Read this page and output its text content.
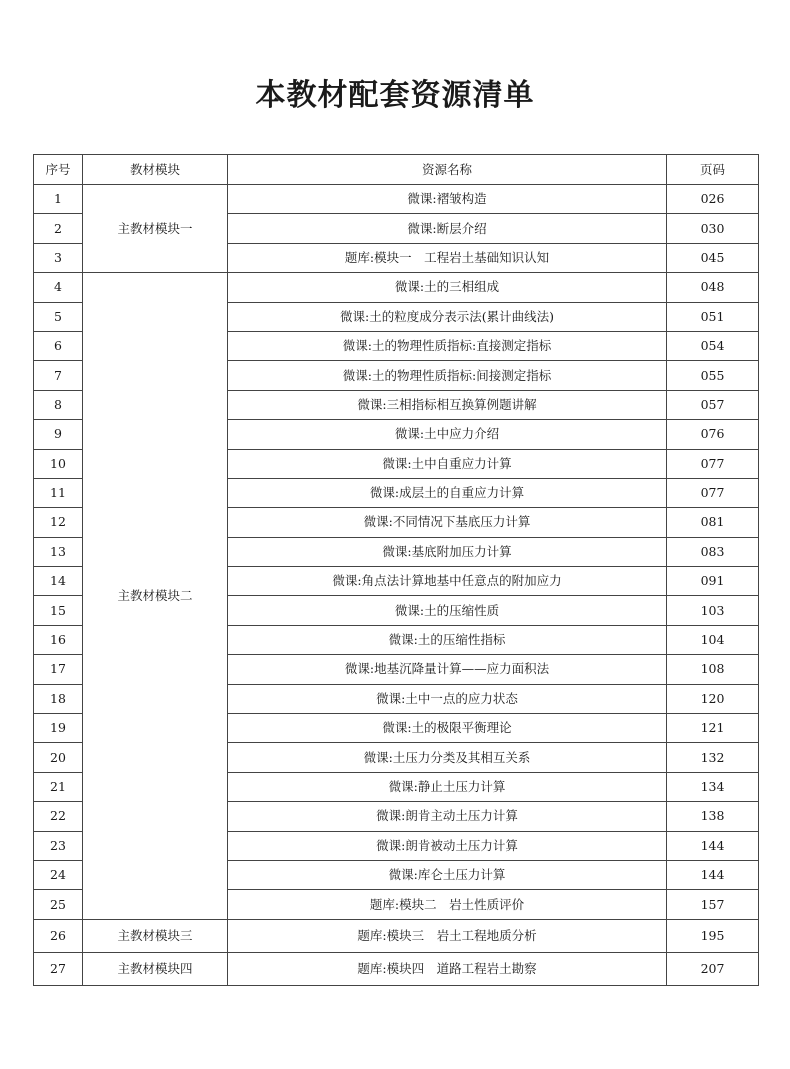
本教材配套资源清单
序号	教材模块	资源名称	页码
1	主教材模块一	微课:褶皱构造	026
2		微课:断层介绍	030
3		题库:模块一　工程岩土基础知识认知	045
4	主教材模块二	微课:土的三相组成	048
5		微课:土的粒度成分表示法(累计曲线法)	051
6		微课:土的物理性质指标:直接测定指标	054
7		微课:土的物理性质指标:间接测定指标	055
8		微课:三相指标相互换算例题讲解	057
9		微课:土中应力介绍	076
10		微课:土中自重应力计算	077
11		微课:成层土的自重应力计算	077
12		微课:不同情况下基底压力计算	081
13		微课:基底附加压力计算	083
14		微课:角点法计算地基中任意点的附加应力	091
15		微课:土的压缩性质	103
16		微课:土的压缩性指标	104
17		微课:地基沉降量计算——应力面积法	108
18		微课:土中一点的应力状态	120
19		微课:土的极限平衡理论	121
20		微课:土压力分类及其相互关系	132
21		微课:静止土压力计算	134
22		微课:朗肯主动土压力计算	138
23		微课:朗肯被动土压力计算	144
24		微课:库仑土压力计算	144
25		题库:模块二　岩土性质评价	157
26	主教材模块三	题库:模块三　岩土工程地质分析	195
27	主教材模块四	题库:模块四　道路工程岩土勘察	207
